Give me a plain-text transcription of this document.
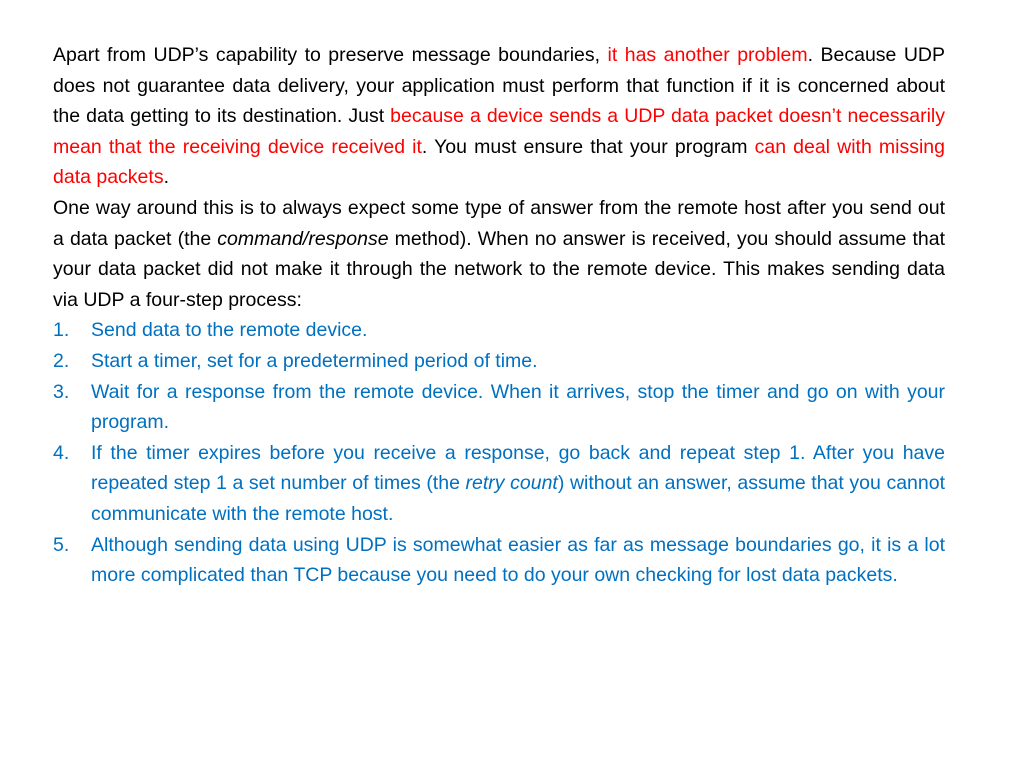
Apart from UDP’s capability to preserve message boundaries, it has another problem. Because UDP does not guarantee data delivery, your application must perform that function if it is concerned about the data getting to its destination. Just because a device sends a UDP data packet doesn’t necessarily mean that the receiving device received it. You must ensure that your program can deal with missing data packets.

One way around this is to always expect some type of answer from the remote host after you send out a data packet (the command/response method). When no answer is received, you should assume that your data packet did not make it through the network to the remote device. This makes sending data via UDP a four-step process:

1. Send data to the remote device.
2. Start a timer, set for a predetermined period of time.
3. Wait for a response from the remote device. When it arrives, stop the timer and go on with your program.
4. If the timer expires before you receive a response, go back and repeat step 1. After you have repeated step 1 a set number of times (the retry count) without an answer, assume that you cannot communicate with the remote host.
5. Although sending data using UDP is somewhat easier as far as message boundaries go, it is a lot more complicated than TCP because you need to do your own checking for lost data packets.
